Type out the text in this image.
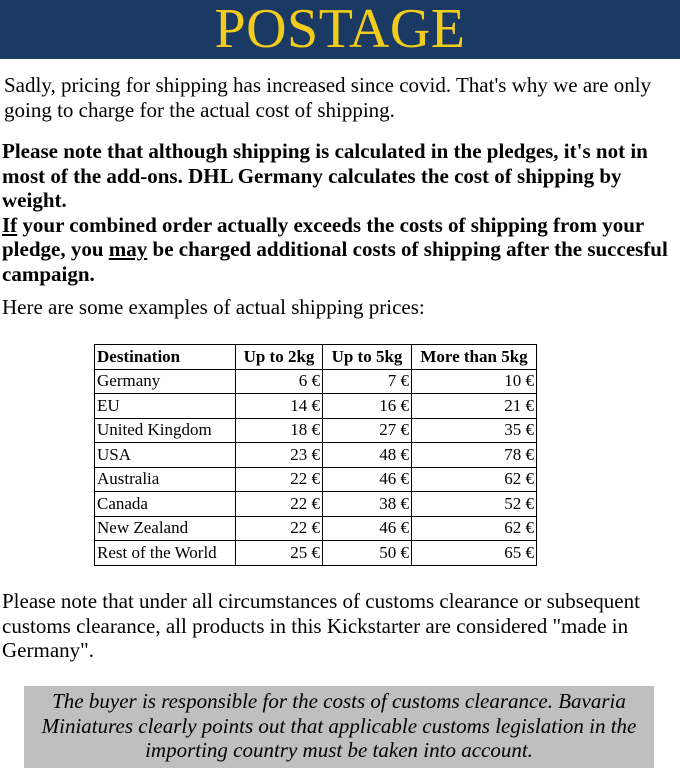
POSTAGE

Sadly, pricing for shipping has increased since covid. That's why we are only going to charge for the actual cost of shipping.

Please note that although shipping is calculated in the pledges, it's not in most of the add-ons. DHL Germany calculates the cost of shipping by weight.

If your combined order actually exceeds the costs of shipping from your pledge, you may be charged additional costs of shipping after the succesful campaign.

Here are some examples of actual shipping prices:

Destination	Up to 2kg	Up to 5kg	More than 5kg
Germany	6 €	7 €	10 €
EU	14 €	16 €	21 €
United Kingdom	18 €	27 €	35 €
USA	23 €	48 €	78 €
Australia	22 €	46 €	62 €
Canada	22 €	38 €	52 €
New Zealand	22 €	46 €	62 €
Rest of the World	25 €	50 €	65 €

Please note that under all circumstances of customs clearance or subsequent customs clearance, all products in this Kickstarter are considered "made in Germany".

The buyer is responsible for the costs of customs clearance. Bavaria Miniatures clearly points out that applicable customs legislation in the importing country must be taken into account.
